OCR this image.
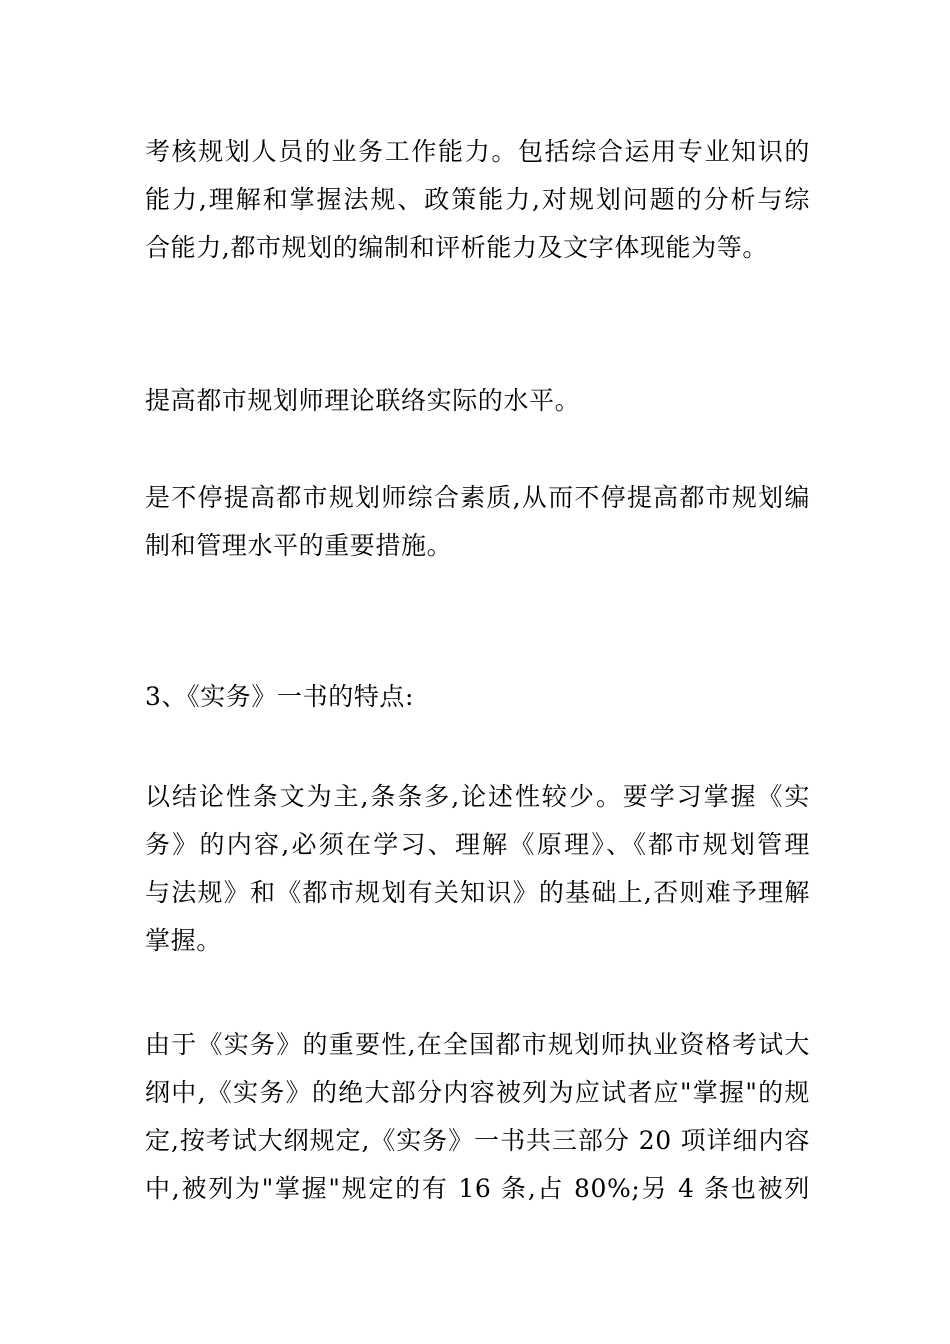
考核规划人员的业务工作能力。包括综合运用专业知识的
能力,理解和掌握法规、政策能力,对规划问题的分析与综
合能力,都市规划的编制和评析能力及文字体现能为等。

提高都市规划师理论联络实际的水平。

是不停提高都市规划师综合素质,从而不停提高都市规划编
制和管理水平的重要措施。

3、《实务》一书的特点:

以结论性条文为主,条条多,论述性较少。要学习掌握《实
务》的内容,必须在学习、理解《原理》、《都市规划管理
与法规》和《都市规划有关知识》的基础上,否则难予理解
掌握。

由于《实务》的重要性,在全国都市规划师执业资格考试大
纲中,《实务》的绝大部分内容被列为应试者应"掌握"的规
定,按考试大纲规定,《实务》一书共三部分 20 项详细内容
中,被列为"掌握"规定的有 16 条,占 80%;另 4 条也被列
